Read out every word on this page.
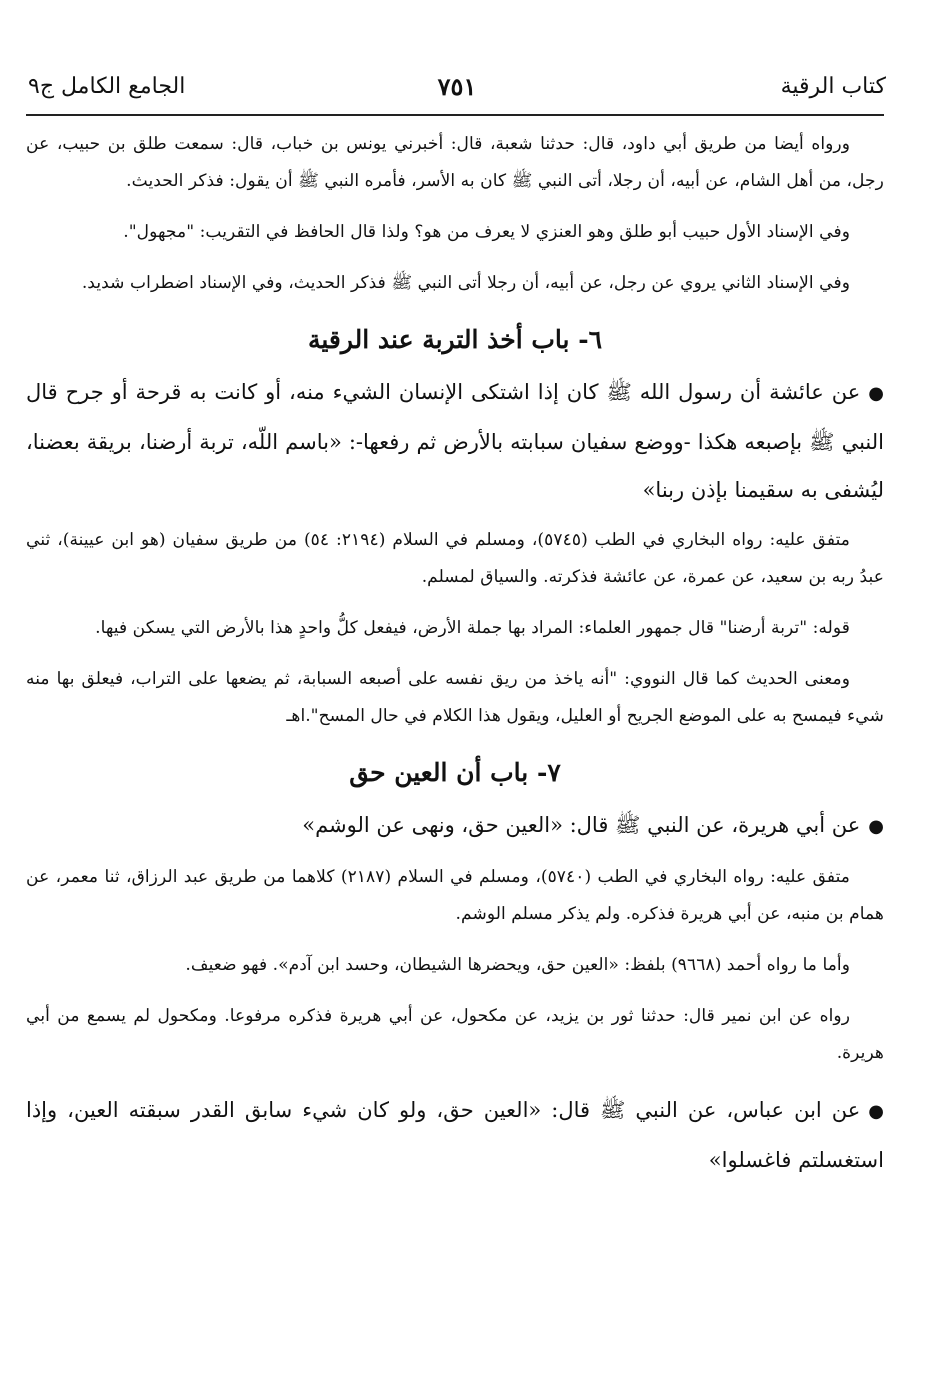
كتاب الرقية
٧٥١
الجامع الكامل ج٩

ورواه أيضا من طريق أبي داود، قال: حدثنا شعبة، قال: أخبرني يونس بن خباب، قال: سمعت طلق بن حبيب، عن رجل، من أهل الشام، عن أبيه، أن رجلا، أتى النبي ﷺ كان به الأسر، فأمره النبي ﷺ أن يقول: فذكر الحديث.

وفي الإسناد الأول حبيب أبو طلق وهو العنزي لا يعرف من هو؟ ولذا قال الحافظ في التقريب: "مجهول".

وفي الإسناد الثاني يروي عن رجل، عن أبيه، أن رجلا أتى النبي ﷺ فذكر الحديث، وفي الإسناد اضطراب شديد.

٦- باب أخذ التربة عند الرقية

●عن عائشة أن رسول الله ﷺ كان إذا اشتكى الإنسان الشيء منه، أو كانت به قرحة أو جرح قال النبي ﷺ بإصبعه هكذا -ووضع سفيان سبابته بالأرض ثم رفعها-: «باسم اللّه، تربة أرضنا، بريقة بعضنا، ليُشفى به سقيمنا بإذن ربنا»

متفق عليه: رواه البخاري في الطب (٥٧٤٥)، ومسلم في السلام (٢١٩٤: ٥٤) من طريق سفيان (هو ابن عيينة)، ثني عبدُ ربه بن سعيد، عن عمرة، عن عائشة فذكرته. والسياق لمسلم.

قوله: "تربة أرضنا" قال جمهور العلماء: المراد بها جملة الأرض، فيفعل كلُّ واحدٍ هذا بالأرض التي يسكن فيها.

ومعنى الحديث كما قال النووي: "أنه ياخذ من ريق نفسه على أصبعه السبابة، ثم يضعها على التراب، فيعلق بها منه شيء فيمسح به على الموضع الجريح أو العليل، ويقول هذا الكلام في حال المسح".اهـ

٧- باب أن العين حق

●عن أبي هريرة، عن النبي ﷺ قال: «العين حق، ونهى عن الوشم»

متفق عليه: رواه البخاري في الطب (٥٧٤٠)، ومسلم في السلام (٢١٨٧) كلاهما من طريق عبد الرزاق، ثنا معمر، عن همام بن منبه، عن أبي هريرة فذكره. ولم يذكر مسلم الوشم.

وأما ما رواه أحمد (٩٦٦٨) بلفظ: «العين حق، ويحضرها الشيطان، وحسد ابن آدم». فهو ضعيف.

رواه عن ابن نمير قال: حدثنا ثور بن يزيد، عن مكحول، عن أبي هريرة فذكره مرفوعا. ومكحول لم يسمع من أبي هريرة.

●عن ابن عباس، عن النبي ﷺ قال: «العين حق، ولو كان شيء سابق القدر سبقته العين، وإذا استغسلتم فاغسلوا»
